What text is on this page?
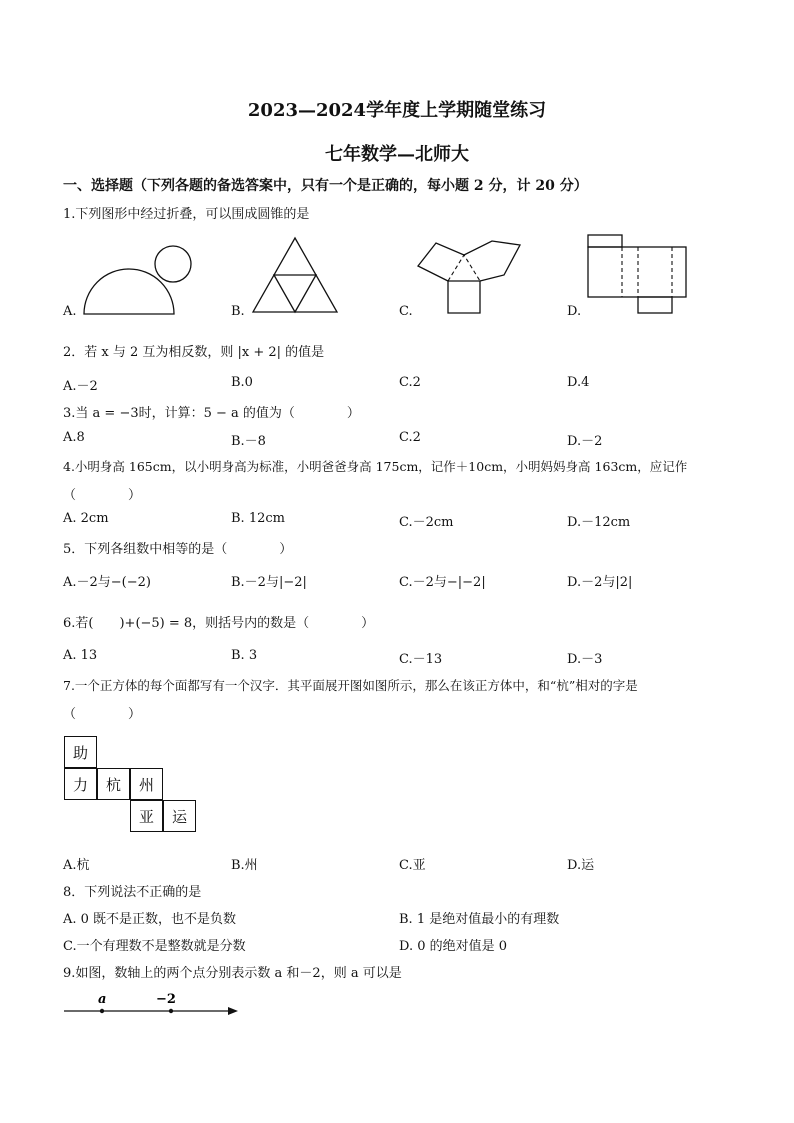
2023—2024学年度上学期随堂练习
七年数学—北师大
一、选择题（下列各题的备选答案中，只有一个是正确的，每小题 2 分，计 20 分）
1.下列图形中经过折叠，可以围成圆锥的是
A.	B.	C.	D.
2．若 x 与 2 互为相反数，则 |x + 2| 的值是
A.－2	B.0	C.2	D.4
3.当 a = −3时，计算：5 − a 的值为（　　　　）
A.8	B.－8	C.2	D.－2
4.小明身高 165cm，以小明身高为标准，小明爸爸身高 175cm，记作＋10cm，小明妈妈身高 163cm，应记作
（　　　　）
A. 2cm	B. 12cm	C.－2cm	D.－12cm
5．下列各组数中相等的是（　　　　）
A.－2与−(−2)	B.－2与|−2|	C.－2与−|−2|	D.－2与|2|
6.若(　　)+(−5) = 8，则括号内的数是（　　　　）
A. 13	B. 3	C.－13	D.－3
7.一个正方体的每个面都写有一个汉字．其平面展开图如图所示，那么在该正方体中，和“杭”相对的字是
（　　　　）
助
力	杭	州
亚	运
A.杭	B.州	C.亚	D.运
8．下列说法不正确的是
A. 0 既不是正数，也不是负数	B. 1 是绝对值最小的有理数
C.一个有理数不是整数就是分数	D. 0 的绝对值是 0
9.如图，数轴上的两个点分别表示数 a 和－2，则 a 可以是
a	−2
